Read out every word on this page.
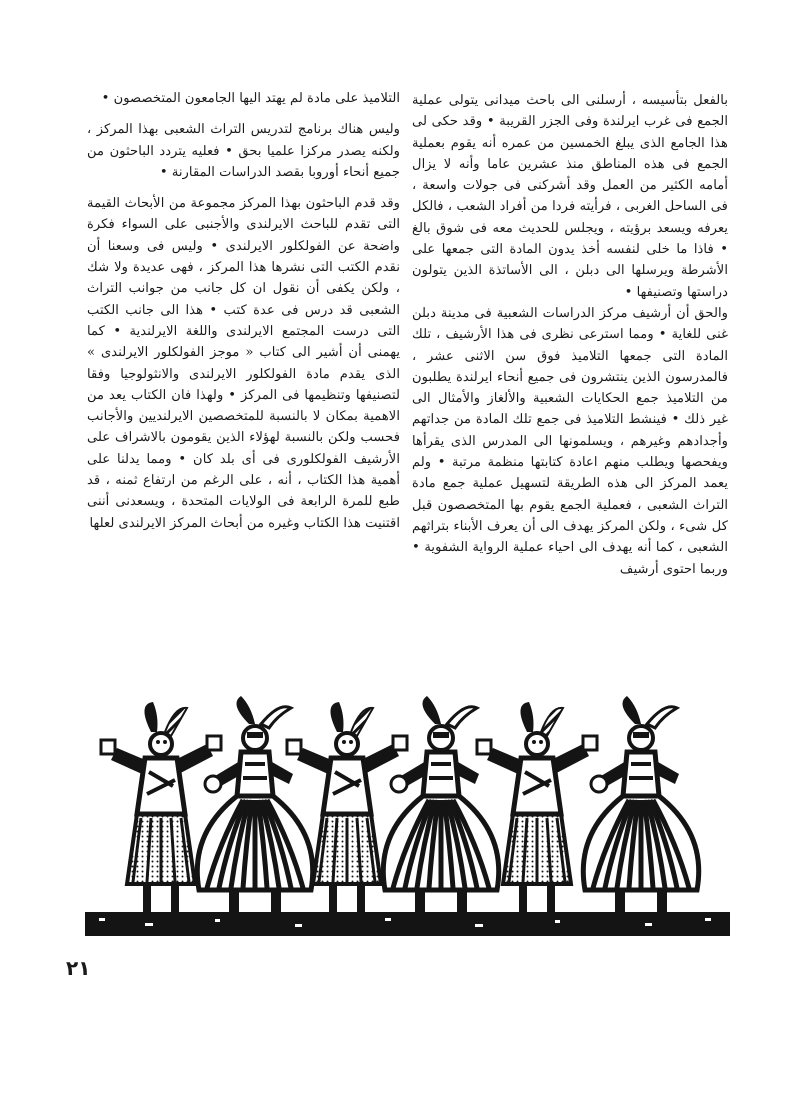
بالفعل بتأسيسه ، أرسلنى الى باحث ميدانى يتولى عملية الجمع فى غرب ايرلندة وفى الجزر القريبة • وقد حكى لى هذا الجامع الذى يبلغ الخمسين من عمره أنه يقوم بعملية الجمع فى هذه المناطق منذ عشرين عاما وأنه لا يزال أمامه الكثير من العمل وقد أشركنى فى جولات واسعة ، فى الساحل الغربى ، فرأيته فردا من أفراد الشعب ، فالكل يعرفه ويسعد برؤيته ، ويجلس للحديث معه فى شوق بالغ • فاذا ما خلى لنفسه أخذ يدون المادة التى جمعها على الأشرطة ويرسلها الى دبلن ، الى الأساتذة الذين يتولون دراستها وتصنيفها •

والحق أن أرشيف مركز الدراسات الشعبية فى مدينة دبلن غنى للغاية • ومما استرعى نظرى فى هذا الأرشيف ، تلك المادة التى جمعها التلاميذ فوق سن الاثنى عشر ، فالمدرسون الذين ينتشرون فى جميع أنحاء ايرلندة يطلبون من التلاميذ جمع الحكايات الشعبية والألغاز والأمثال الى غير ذلك • فينشط التلاميذ فى جمع تلك المادة من جداتهم وأجدادهم وغيرهم ، ويسلمونها الى المدرس الذى يقرأها ويفحصها ويطلب منهم اعادة كتابتها منظمة مرتبة • ولم يعمد المركز الى هذه الطريقة لتسهيل عملية جمع مادة التراث الشعبى ، فعملية الجمع يقوم بها المتخصصون قبل كل شىء ، ولكن المركز يهدف الى أن يعرف الأبناء بتراثهم الشعبى ، كما أنه يهدف الى احياء عملية الرواية الشفوية • وربما احتوى أرشيف

التلاميذ على مادة لم يهتد اليها الجامعون المتخصصون •

وليس هناك برنامج لتدريس التراث الشعبى بهذا المركز ، ولكنه يصدر مركزا علميا بحق • فعليه يتردد الباحثون من جميع أنحاء أوروبا بقصد الدراسات المقارنة •

وقد قدم الباحثون بهذا المركز مجموعة من الأبحاث القيمة التى تقدم للباحث الايرلندى والأجنبى على السواء فكرة واضحة عن الفولكلور الايرلندى • وليس فى وسعنا أن نقدم الكتب التى نشرها هذا المركز ، فهى عديدة ولا شك ، ولكن يكفى أن نقول ان كل جانب من جوانب التراث الشعبى قد درس فى عدة كتب • هذا الى جانب الكتب التى درست المجتمع الايرلندى واللغة الايرلندية • كما يهمنى أن أشير الى كتاب « موجز الفولكلور الايرلندى » الذى يقدم مادة الفولكلور الايرلندى والانثولوجيا وفقا لتصنيفها وتنظيمها فى المركز • ولهذا فان الكتاب يعد من الاهمية بمكان لا بالنسبة للمتخصصين الايرلنديين والأجانب فحسب ولكن بالنسبة لهؤلاء الذين يقومون بالاشراف على الأرشيف الفولكلورى فى أى بلد كان • ومما يدلنا على أهمية هذا الكتاب ، أنه ، على الرغم من ارتفاع ثمنه ، قد طبع للمرة الرابعة فى الولايات المتحدة ، ويسعدنى أننى اقتنيت هذا الكتاب وغيره من أبحاث المركز الايرلندى لعلها

٢١
